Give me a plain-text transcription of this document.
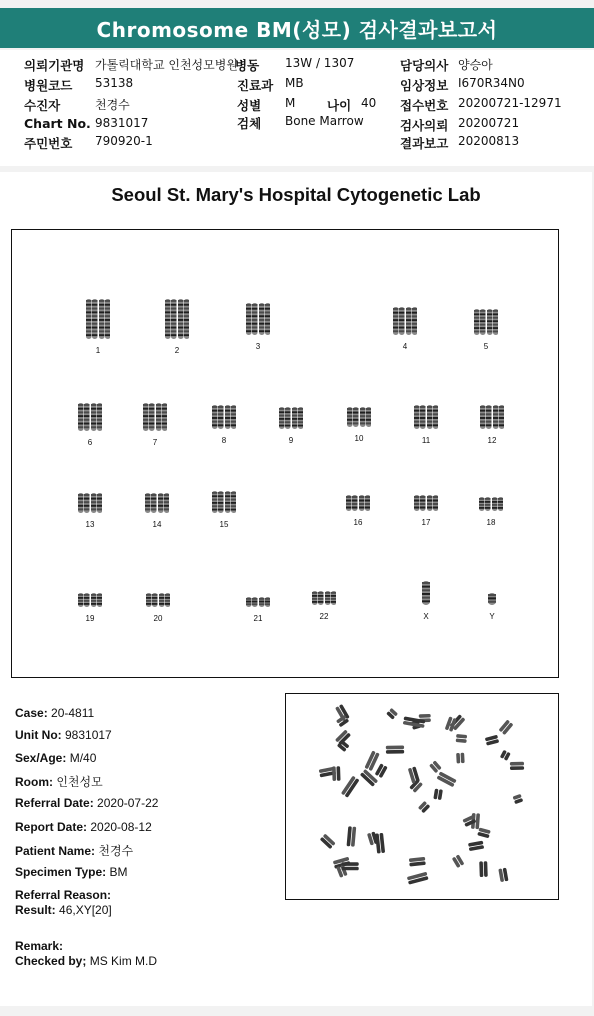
Chromosome BM(성모) 검사결과보고서
의뢰기관명 가톨릭대학교 인천성모병원
병동 13W / 1307	담당의사 양승아
병원코드 53138	진료과 MB	임상정보 I670R34N0
수진자	천경수	성별 M	나이 40 접수번호 20200721-12971
Chart No. 9831017	검체 Bone Marrow	검사의뢰 20200721
주민번호 790920-1	결과보고 20200813
Seoul St. Mary's Hospital Cytogenetic Lab
1	2	3	4	5
6	7	8	9	10	11	12
13	14	15	16	17	18
19	20	21	22	X	Y
Case: 20-4811
Unit No: 9831017
Sex/Age: M/40
Room: 인천성모
Referral Date: 2020-07-22
Report Date: 2020-08-12
Patient Name: 천경수
Specimen Type: BM
Referral Reason:
Result: 46,XY[20]
Remark:
Checked by; MS Kim M.D
